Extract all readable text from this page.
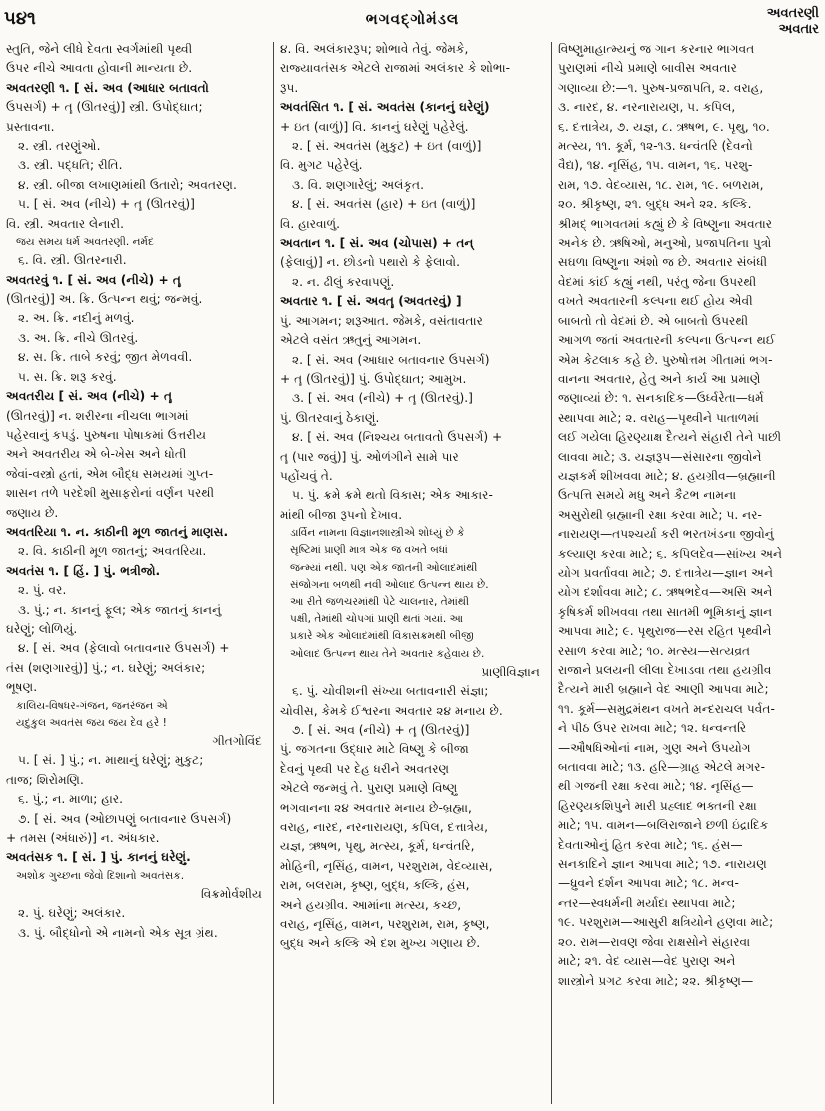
૫૪૧	ભગવદ્ગોમંડલ	અવતરણી
અવતાર
સ્તુતિ, જેને લીધે દેવતા સ્વર્ગમાંથી પૃથ્વી
ઉપર નીચે આવતા હોવાની માન્યતા છે.
અવતરણી ૧. [ સં. અવ (આધાર બતાવતો
ઉપસર્ગ) + તૄ (ઊતરવું)] સ્ત્રી. ઉપોદ્ઘાત;
પ્રસ્તાવના.
૨. સ્ત્રી. તરણુંઓ.
૩. સ્ત્રી. પદ્ધતિ; રીતિ.
૪. સ્ત્રી. બીજા લખાણમાંથી ઉતારો; અવતરણ.
૫. [ સં. અવ (નીચે) + તૄ (ઊતરવું)]
વિ. સ્ત્રી. અવતાર લેનારી.
જય સમય ધર્મ અવતરણી. નર્મદ
૬. વિ. સ્ત્રી. ઊતરનારી.
અવતરવું ૧. [ સં. અવ (નીચે) + તૄ
(ઊતરવું)] અ. ક્રિ. ઉત્પન્ન થવું; જન્મવું.
૨. અ. ક્રિ. નદીનું મળવું.
૩. અ. ક્રિ. નીચે ઊતરવું.
૪. સ. ક્રિ. તાબે કરવું; જીત મેળવવી.
૫. સ. ક્રિ. શરૂ કરવું.
અવતરીય [ સં. અવ (નીચે) + તૄ
(ઊતરવું)] ન. શરીરના નીચલા ભાગમાં
પહેરવાનું કપડું. પુરુષના પોષાકમાં ઉત્તરીય
અને અવતરીય એ બે-ખેસ અને ધોતી
જેવાં-વસ્ત્રો હતાં, એમ બૌદ્ધ સમયમાં ગુપ્ત-
શાસન તળે પરદેશી મુસાફરોનાં વર્ણન પરથી
જણાય છે.
અવતરિયા ૧. ન. કાઠીની મૂળ જાતનું માણસ.
૨. વિ. કાઠીની મૂળ જાતનું; અવતરિયા.
અવતંસ ૧. [ હિં. ] પું. ભત્રીજો.
૨. પું. વર.
૩. પું.; ન. કાનનું ફૂલ; એક જાતનું કાનનું
ઘરેણું; લોળિયું.
૪. [ સં. અવ (ફેલાવો બતાવનાર ઉપસર્ગ) +
તંસ (શણગારવું)] પું.; ન. ઘરેણું; અલંકાર;
ભૂષણ.
કાલિય-વિષધર-ગંજન, જનરંજન એ
યદુકુલ અવતંસ જય જય દેવ હરે !
ગીતગોવિંદ
૫. [ સં. ] પું.; ન. માથાનું ઘરેણું; મુકુટ;
તાજ; શિરોમણિ.
૬. પું.; ન. માળા; હાર.
૭. [ સં. અવ (ઓછાપણું બતાવનાર ઉપસર્ગ)
+ તમસ (અંધારું)] ન. અંધકાર.
અવતંસક ૧. [ સં. ] પું. કાનનું ઘરેણું.
અશોક ગુચ્છના જેવો દિશાનો અવતંસક.
વિક્રમોર્વશીય
૨. પું. ઘરેણું; અલંકાર.
૩. પું. બૌદ્ધોનો એ નામનો એક સૂત્ર ગ્રંથ.
૪. વિ. અલંકારરૂપ; શોભાવે તેવું. જેમકે,
રાજ્યાવતંસક એટલે રાજામાં અલંકાર કે શોભા-
રૂપ.
અવતંસિત ૧. [ સં. અવતંસ (કાનનું ઘરેણું)
+ ઇત (વાળું)] વિ. કાનનું ઘરેણું પહેરેલું.
૨. [ સં. અવતંસ (મુકુટ) + ઇત (વાળું)]
વિ. મુગટ પહેરેલું.
૩. વિ. શણગારેલું; અલંકૃત.
૪. [ સં. અવતંસ (હાર) + ઇત (વાળું)]
વિ. હારવાળું.
અવતાન ૧. [ સં. અવ (ચોપાસ) + તન્
(ફેલાવું)] ન. છોડનો પથારો કે ફેલાવો.
૨. ન. ઢીલું કરવાપણું.
અવતાર ૧. [ સં. અવતૄ (અવતરવું) ]
પું. આગમન; શરૂઆત. જેમકે, વસંતાવતાર
એટલે વસંત ઋતુનું આગમન.
૨. [ સં. અવ (આધાર બતાવનાર ઉપસર્ગ)
+ તૄ (ઊતરવું)] પું. ઉપોદ્ઘાત; આમુખ.
૩. [ સં. અવ (નીચે) + તૄ (ઊતરવું).]
પું. ઊતરવાનું ઠેકાણું.
૪. [ સં. અવ (નિશ્ચય બતાવતો ઉપસર્ગ) +
તૄ (પાર જવું)] પું. ઓળંગીને સામે પાર
પહોંચવું તે.
૫. પું. ક્રમે ક્રમે થતો વિકાસ; એક આકાર-
માંથી બીજા રૂપનો દેખાવ.
ડાર્વિન નામના વિજ્ઞાનશાસ્ત્રીએ શોધ્યું છે કે
સૃષ્ટિમાં પ્રાણી માત્ર એક જ વખતે બધાં
જન્મ્યાં નથી. પણ એક જાતની ઓલાદમાંથી
સંજોગના બળથી નવી ઓલાદ ઉત્પન્ન થાય છે.
આ રીતે જળચરમાંથી પેટે ચાલનાર, તેમાંથી
પક્ષી, તેમાંથી ચોપગાં પ્રાણી થતાં ગયાં. આ
પ્રકારે એક ઓલાદમાંથી વિકાસક્રમથી બીજી
ઓલાદ ઉત્પન્ન થાય તેને અવતાર કહેવાય છે.
પ્રાણીવિજ્ઞાન
૬. પું. ચોવીશની સંખ્યા બતાવનારી સંજ્ઞા;
ચોવીસ, કેમકે ઈશ્વરના અવતાર ૨૪ મનાય છે.
૭. [ સં. અવ (નીચે) + તૄ (ઊતરવું)]
પું. જગતના ઉદ્ધાર માટે વિષ્ણુ કે બીજા
દેવનું પૃથ્વી પર દેહ ધરીને અવતરણ
એટલે જન્મવું તે. પુરાણ પ્રમાણે વિષ્ણુ
ભગવાનના ૨૪ અવતાર મનાય છે-બ્રહ્મા,
વરાહ, નારદ, નરનારાયણ, કપિલ, દત્તાત્રેય,
યજ્ઞ, ઋષભ, પૃથુ, મત્સ્ય, કૂર્મ, ધન્વંતરિ,
મોહિની, નૃસિંહ, વામન, પરશુરામ, વેદવ્યાસ,
રામ, બલરામ, કૃષ્ણ, બુદ્ધ, કલ્કિ, હંસ,
અને હયગ્રીવ. આમાંના મત્સ્ય, કચ્છ,
વરાહ, નૃસિંહ, વામન, પરશુરામ, રામ, કૃષ્ણ,
બુદ્ધ અને કલ્કિ એ દશ મુખ્ય ગણાય છે.
વિષ્ણુમાહાત્મ્યનું જ ગાન કરનાર ભાગવત
પુરાણમાં નીચે પ્રમાણે બાવીસ અવતાર
ગણાવ્યા છે:—૧. પુરુષ-પ્રજાપતિ, ૨. વરાહ,
૩. નારદ, ૪. નરનારાયણ, ૫. કપિલ,
૬. દત્તાત્રેય, ૭. યજ્ઞ, ૮. ઋષભ, ૯. પૃથુ, ૧૦.
મત્સ્ય, ૧૧. કૂર્મ, ૧૨-૧૩. ધન્વંતરિ (દેવનો
વૈદ્ય), ૧૪. નૃસિંહ, ૧૫. વામન, ૧૬. પરશુ-
રામ, ૧૭. વેદવ્યાસ, ૧૮. રામ, ૧૯. બળરામ,
૨૦. શ્રીકૃષ્ણ, ૨૧. બુદ્ધ અને ૨૨. કલ્કિ.
શ્રીમદ્ ભાગવતમાં કહ્યું છે કે વિષ્ણુના અવતાર
અનેક છે. ઋષિઓ, મનુઓ, પ્રજાપતિના પુત્રો
સઘળા વિષ્ણુના અંશો જ છે. અવતાર સંબંધી
વેદમાં કાંઈ કહ્યું નથી, પરંતુ જેના ઉપરથી
વખતે અવતારની કલ્પના થઈ હોય એવી
બાબતો તો વેદમાં છે. એ બાબતો ઉપરથી
આગળ જતાં અવતારની કલ્પના ઉત્પન્ન થઈ
એમ કેટલાક કહે છે. પુરુષોત્તમ ગીતામાં ભગ-
વાનના અવતાર, હેતુ અને કાર્ય આ પ્રમાણે
જણાવ્યાં છે: ૧. સનકાદિક—ઉર્ધ્વરેતા—ધર્મ
સ્થાપવા માટે; ૨. વરાહ—પૃથ્વીને પાતાળમાં
લઈ ગયેલા હિરણ્યાક્ષ દૈત્યને સંહારી તેને પાછી
લાવવા માટે; ૩. યજ્ઞરૂપ—સંસારના જીવોને
યજ્ઞકર્મ શીખવવા માટે; ૪. હયગ્રીવ—બ્રહ્માની
ઉત્પત્તિ સમયે મધુ અને કૈટભ નામના
અસુરોથી બ્રહ્માની રક્ષા કરવા માટે; ૫. નર-
નારાયણ—તપશ્ચર્યા કરી ભરતખંડના જીવોનું
કલ્યાણ કરવા માટે; ૬. કપિલદેવ—સાંખ્ય અને
યોગ પ્રવર્તાવવા માટે; ૭. દત્તાત્રેય—જ્ઞાન અને
યોગ દર્શાવવા માટે; ૮. ઋષભદેવ—અસિ અને
કૃષિકર્મ શીખવવા તથા સાતમી ભૂમિકાનું જ્ઞાન
આપવા માટે; ૯. પૃથુરાજ—રસ રહિત પૃથ્વીને
રસાળ કરવા માટે; ૧૦. મત્સ્ય—સત્યવ્રત
રાજાને પ્રલયની લીલા દેખાડવા તથા હયગ્રીવ
દૈત્યને મારી બ્રહ્માને વેદ આણી આપવા માટે;
૧૧. કૂર્મ—સમુદ્રમંથન વખતે મન્દરાચલ પર્વત-
ને પીઠ ઉપર રાખવા માટે; ૧૨. ધન્વન્તરિ
—ઔષધિઓનાં નામ, ગુણ અને ઉપયોગ
બતાવવા માટે; ૧૩. હરિ—ગ્રાહ એટલે મગર-
થી ગજની રક્ષા કરવા માટે; ૧૪. નૃસિંહ—
હિરણ્યકશિપુને મારી પ્રહ્લાદ ભક્તની રક્ષા
માટે; ૧૫. વામન—બલિરાજાને છળી ઇંદ્રાદિક
દેવતાઓનું હિત કરવા માટે; ૧૬. હંસ—
સનકાદિને જ્ઞાન આપવા માટે; ૧૭. નારાયણ
—ધ્રુવને દર્શન આપવા માટે; ૧૮. મન્વ-
ન્તર—સ્વધર્મની મર્યાદા સ્થાપવા માટે;
૧૯. પરશુરામ—આસુરી ક્ષત્રિયોને હણવા માટે;
૨૦. રામ—રાવણ જેવા રાક્ષસોને સંહારવા
માટે; ૨૧. વેદ વ્યાસ—વેદ પુરાણ અને
શાસ્ત્રોને પ્રગટ કરવા માટે; ૨૨. શ્રીકૃષ્ણ—
